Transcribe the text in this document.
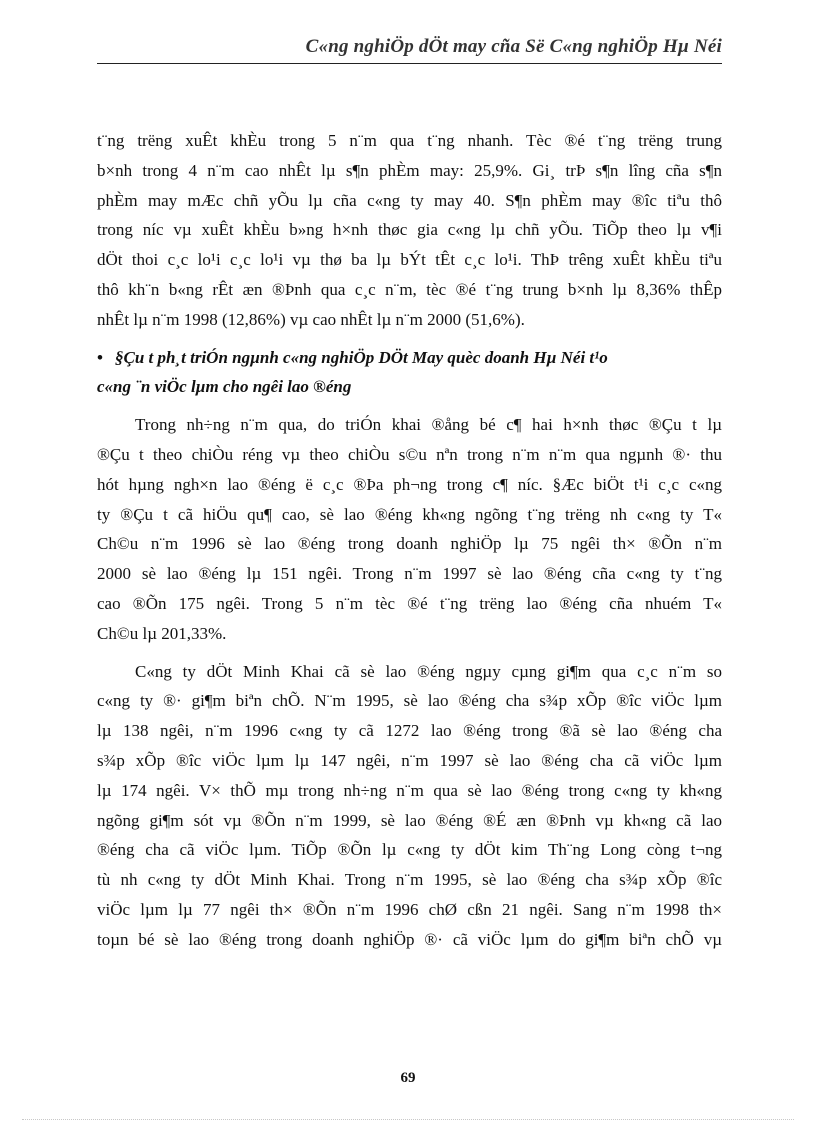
C«ng nghiÖp dÖt may cña Së C«ng nghiÖp Hµ Néi
t¨ng trëng xuÊt khÈu trong 5 n¨m qua t¨ng nhanh. Tèc ®é t¨ng trëng trung
b×nh trong 4 n¨m cao nhÊt lµ s¶n phÈm may: 25,9%. Gi¸ trÞ s¶n lîng cña s¶n
phÈm may mÆc chñ yÕu lµ cña c«ng ty may 40. S¶n phÈm may ®îc tiªu thô
trong níc vµ xuÊt khÈu b»ng h×nh thøc gia c«ng lµ chñ yÕu. TiÕp theo lµ v¶i
dÖt thoi c¸c lo¹i c¸c lo¹i vµ thø ba lµ bÝt tÊt c¸c lo¹i. ThÞ trêng xuÊt khÈu tiªu
thô kh¨n b«ng rÊt æn ®Þnh qua c¸c n¨m, tèc ®é t¨ng trung b×nh lµ 8,36% thÊp
nhÊt lµ n¨m 1998 (12,86%) vµ cao nhÊt lµ n¨m 2000 (51,6%).
• §Çu t ph¸t triÓn ngµnh c«ng nghiÖp DÖt May quèc doanh Hµ Néi t¹o
c«ng ¨n viÖc lµm cho ngêi lao ®éng
Trong nh÷ng n¨m qua, do triÓn khai ®ång bé c¶ hai h×nh thøc ®Çu t lµ
®Çu t theo chiÒu réng vµ theo chiÒu s©u nªn trong n¨m n¨m qua ngµnh ®· thu
hót hµng ngh×n lao ®éng ë c¸c ®Þa ph¬ng trong c¶ níc. §Æc biÖt t¹i c¸c c«ng
ty ®Çu t cã hiÖu qu¶ cao, sè lao ®éng kh«ng ngõng t¨ng trëng nh c«ng ty T«
Ch©u n¨m 1996 sè lao ®éng trong doanh nghiÖp lµ 75 ngêi th× ®Õn n¨m
2000 sè lao ®éng lµ 151 ngêi. Trong n¨m 1997 sè lao ®éng cña c«ng ty t¨ng
cao ®Õn 175 ngêi. Trong 5 n¨m tèc ®é t¨ng trëng lao ®éng cña nhuém T«
Ch©u lµ 201,33%.
C«ng ty dÖt Minh Khai cã sè lao ®éng ngµy cµng gi¶m qua c¸c n¨m so
c«ng ty ®· gi¶m biªn chÕ. N¨m 1995, sè lao ®éng cha s¾p xÕp ®îc viÖc lµm
lµ 138 ngêi, n¨m 1996 c«ng ty cã 1272 lao ®éng trong ®ã sè lao ®éng cha
s¾p xÕp ®îc viÖc lµm lµ 147 ngêi, n¨m 1997 sè lao ®éng cha cã viÖc lµm
lµ 174 ngêi. V× thÕ mµ trong nh÷ng n¨m qua sè lao ®éng trong c«ng ty kh«ng
ngõng gi¶m sót vµ ®Õn n¨m 1999, sè lao ®éng ®É æn ®Þnh vµ kh«ng cã lao
®éng cha cã viÖc lµm. TiÕp ®Õn lµ c«ng ty dÖt kim Th¨ng Long còng t¬ng
tù nh c«ng ty dÖt Minh Khai. Trong n¨m 1995, sè lao ®éng cha s¾p xÕp ®îc
viÖc lµm lµ 77 ngêi th× ®Õn n¨m 1996 chØ cßn 21 ngêi. Sang n¨m 1998 th×
toµn bé sè lao ®éng trong doanh nghiÖp ®· cã viÖc lµm do gi¶m biªn chÕ vµ
69
